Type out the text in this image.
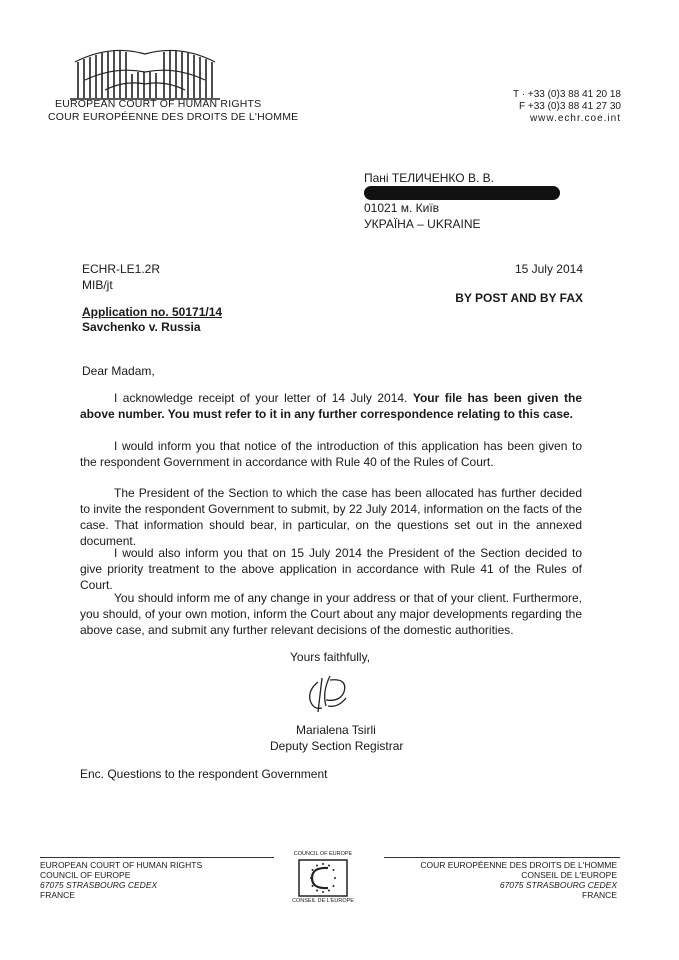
EUROPEAN COURT OF HUMAN RIGHTS
COUR EUROPÉENNE DES DROITS DE L'HOMME
T · +33 (0)3 88 41 20 18
F +33 (0)3 88 41 27 30
www.echr.coe.int
Пані ТЕЛИЧЕНКО В. В.
01021 м. Київ
УКРАЇНА – UKRAINE
ECHR-LE1.2R
MIB/jt
15 July 2014
BY POST AND BY FAX
Application no. 50171/14
Savchenko v. Russia
Dear Madam,
I acknowledge receipt of your letter of 14 July 2014. Your file has been given the above number. You must refer to it in any further correspondence relating to this case.
I would inform you that notice of the introduction of this application has been given to the respondent Government in accordance with Rule 40 of the Rules of Court.
The President of the Section to which the case has been allocated has further decided to invite the respondent Government to submit, by 22 July 2014, information on the facts of the case. That information should bear, in particular, on the questions set out in the annexed document.
I would also inform you that on 15 July 2014 the President of the Section decided to give priority treatment to the above application in accordance with Rule 41 of the Rules of Court.
You should inform me of any change in your address or that of your client. Furthermore, you should, of your own motion, inform the Court about any major developments regarding the above case, and submit any further relevant decisions of the domestic authorities.
Yours faithfully,
Marialena Tsirli
Deputy Section Registrar
Enc. Questions to the respondent Government
EUROPEAN COURT OF HUMAN RIGHTS
COUNCIL OF EUROPE
67075 STRASBOURG CEDEX
FRANCE
COUNCIL OF EUROPE
CONSEIL DE L'EUROPE
COUR EUROPÉENNE DES DROITS DE L'HOMME
CONSEIL DE L'EUROPE
67075 STRASBOURG CEDEX
FRANCE
